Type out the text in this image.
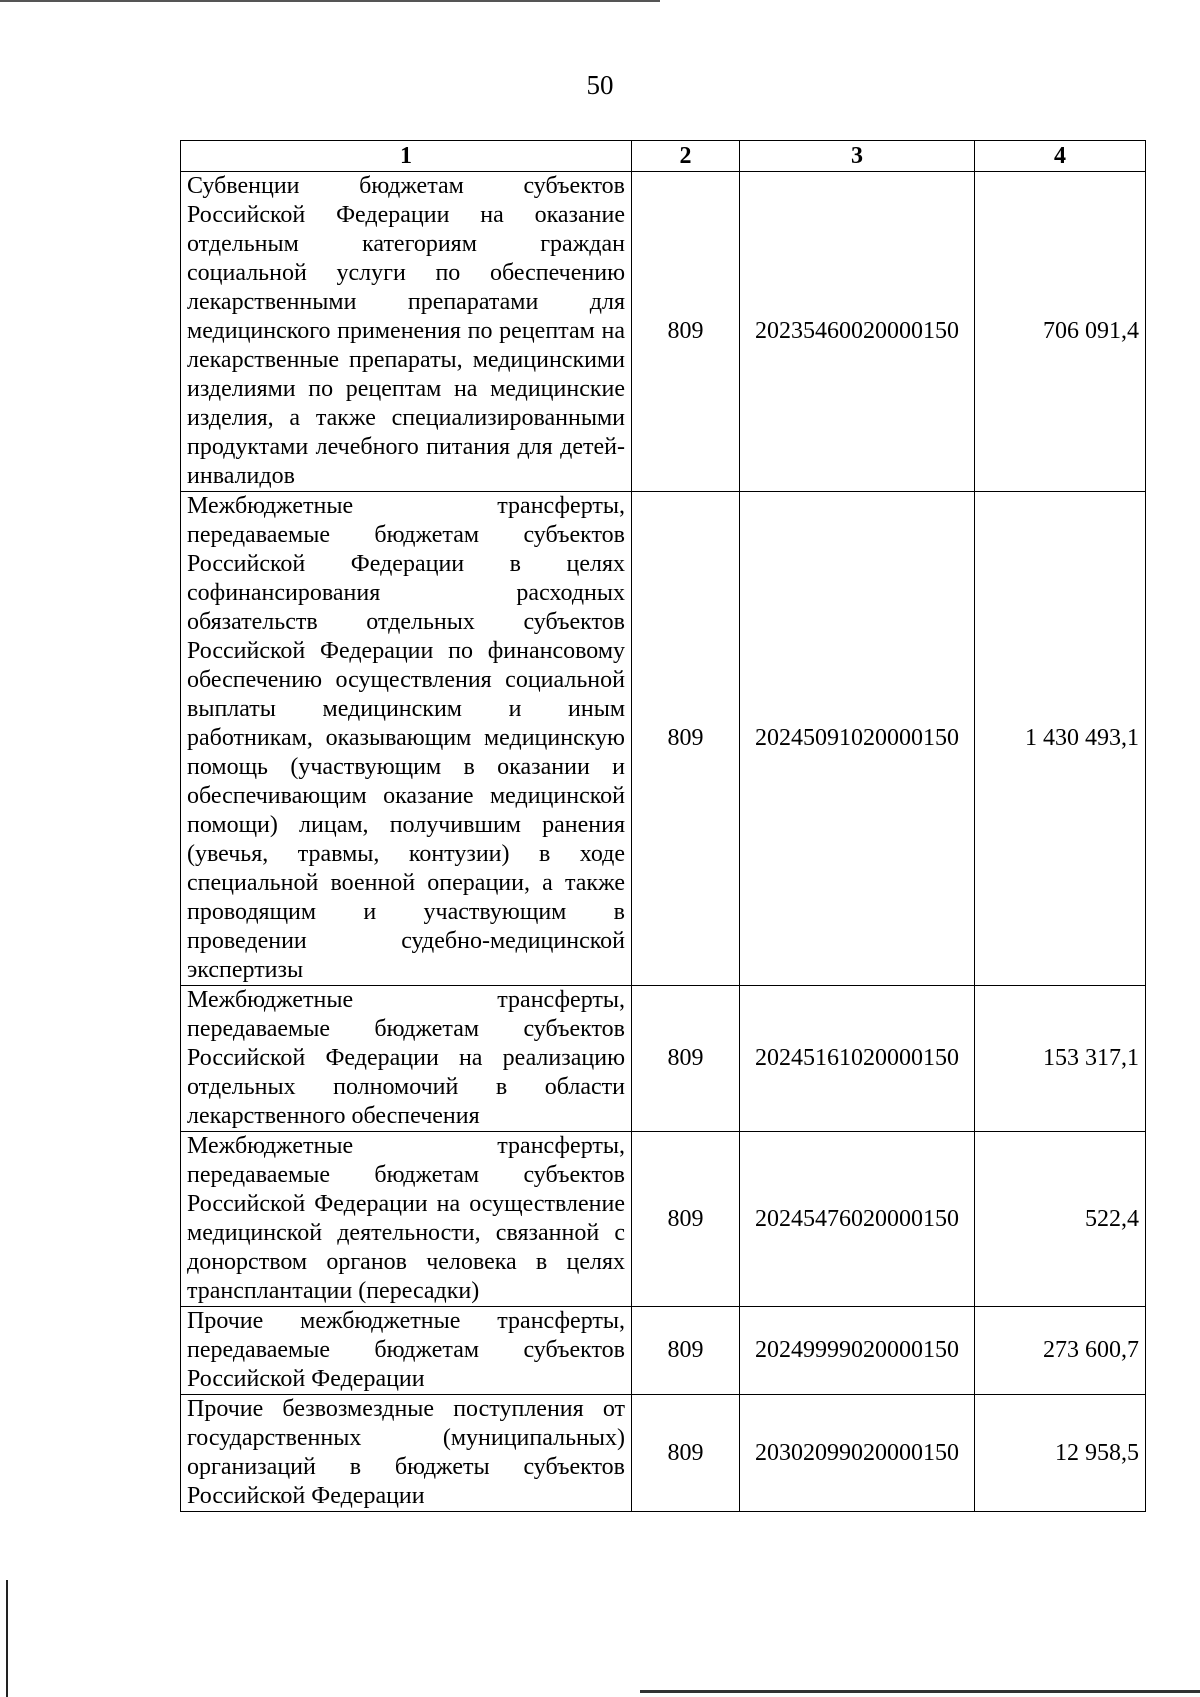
50
1	2	3	4
Субвенции бюджетам субъектов Российской Федерации на оказание отдельным категориям граждан социальной услуги по обеспечению лекарственными препаратами для медицинского применения по рецептам на лекарственные препараты, медицинскими изделиями по рецептам на медицинские изделия, а также специализированными продуктами лечебного питания для детей-инвалидов	809	20235460020000150	706 091,4
Межбюджетные трансферты, передаваемые бюджетам субъектов Российской Федерации в целях софинансирования расходных обязательств отдельных субъектов Российской Федерации по финансовому обеспечению осуществления социальной выплаты медицинским и иным работникам, оказывающим медицинскую помощь (участвующим в оказании и обеспечивающим оказание медицинской помощи) лицам, получившим ранения (увечья, травмы, контузии) в ходе специальной военной операции, а также проводящим и участвующим в проведении судебно-медицинской экспертизы	809	20245091020000150	1 430 493,1
Межбюджетные трансферты, передаваемые бюджетам субъектов Российской Федерации на реализацию отдельных полномочий в области лекарственного обеспечения	809	20245161020000150	153 317,1
Межбюджетные трансферты, передаваемые бюджетам субъектов Российской Федерации на осуществление медицинской деятельности, связанной с донорством органов человека в целях трансплантации (пересадки)	809	20245476020000150	522,4
Прочие межбюджетные трансферты, передаваемые бюджетам субъектов Российской Федерации	809	20249999020000150	273 600,7
Прочие безвозмездные поступления от государственных (муниципальных) организаций в бюджеты субъектов Российской Федерации	809	20302099020000150	12 958,5
